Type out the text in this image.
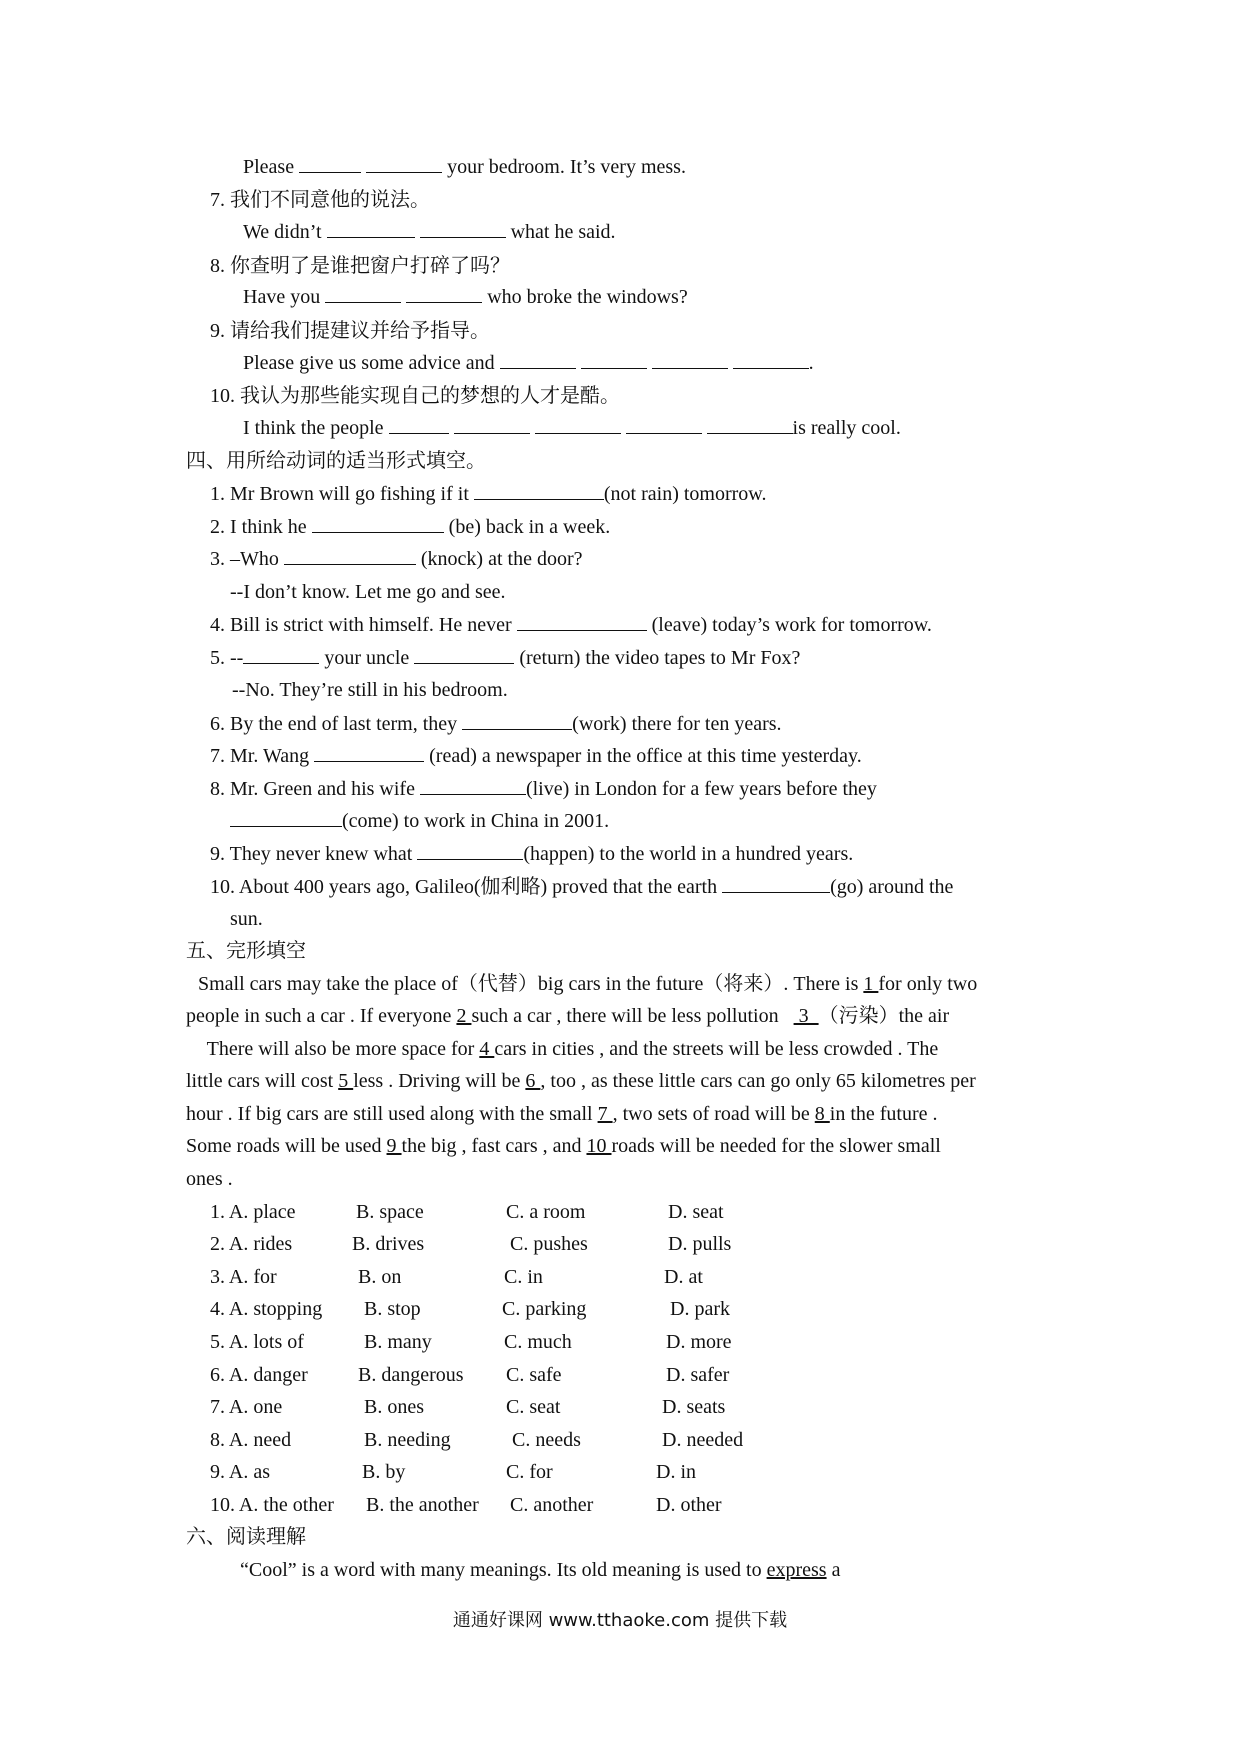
Please	your bedroom. It’s very mess.
7. 我们不同意他的说法。
We didn’t	what he said.
8. 你查明了是谁把窗户打碎了吗？
Have you	who broke the windows?
9. 请给我们提建议并给予指导。
Please give us some advice and	.
10. 我认为那些能实现自己的梦想的人才是酷。
I think the people	is really cool.
四、用所给动词的适当形式填空。
1. Mr Brown will go fishing if it	(not rain) tomorrow.
2. I think he	(be) back in a week.
3. –Who	(knock) at the door?
--I don’t know. Let me go and see.
4. Bill is strict with himself. He never	(leave) today’s work for tomorrow.
5. --	your uncle	(return) the video tapes to Mr Fox?
--No. They’re still in his bedroom.
6. By the end of last term, they	(work) there for ten years.
7. Mr. Wang	(read) a newspaper in the office at this time yesterday.
8. Mr. Green and his wife	(live) in London for a few years before they
(come) to work in China in 2001.
9. They never knew what	(happen) to the world in a hundred years.
10. About 400 years ago, Galileo(伽利略) proved that the earth	(go) around the
sun.
五、完形填空
Small cars may take the place of（代替）big cars in the future（将来）. There is 1 for only two
people in such a car . If everyone 2 such a car , there will be less pollution    3  （污染）the air
There will also be more space for 4 cars in cities , and the streets will be less crowded . The
little cars will cost 5 less . Driving will be 6 , too , as these little cars can go only 65 kilometres per
hour . If big cars are still used along with the small 7 , two sets of road will be 8 in the future .
Some roads will be used 9 the big , fast cars , and 10 roads will be needed for the slower small
ones .
1. A. place	B. space	C. a room	D. seat
2. A. rides	B. drives	C. pushes	D. pulls
3. A. for	B. on	C. in	D. at
4. A. stopping B. stop	C. parking	D. park
5. A. lots of	B. many	C. much	D. more
6. A. danger	B. dangerous C. safe	D. safer
7. A. one	B. ones	C. seat	D. seats
8. A. need	B. needing	C. needs	D. needed
9. A. as	B. by	C. for	D. in
10. A. the other B. the another C. another	D. other
六、阅读理解
“Cool” is a word with many meanings. Its old meaning is used to express a
通通好课网 www.tthaoke.com 提供下载
